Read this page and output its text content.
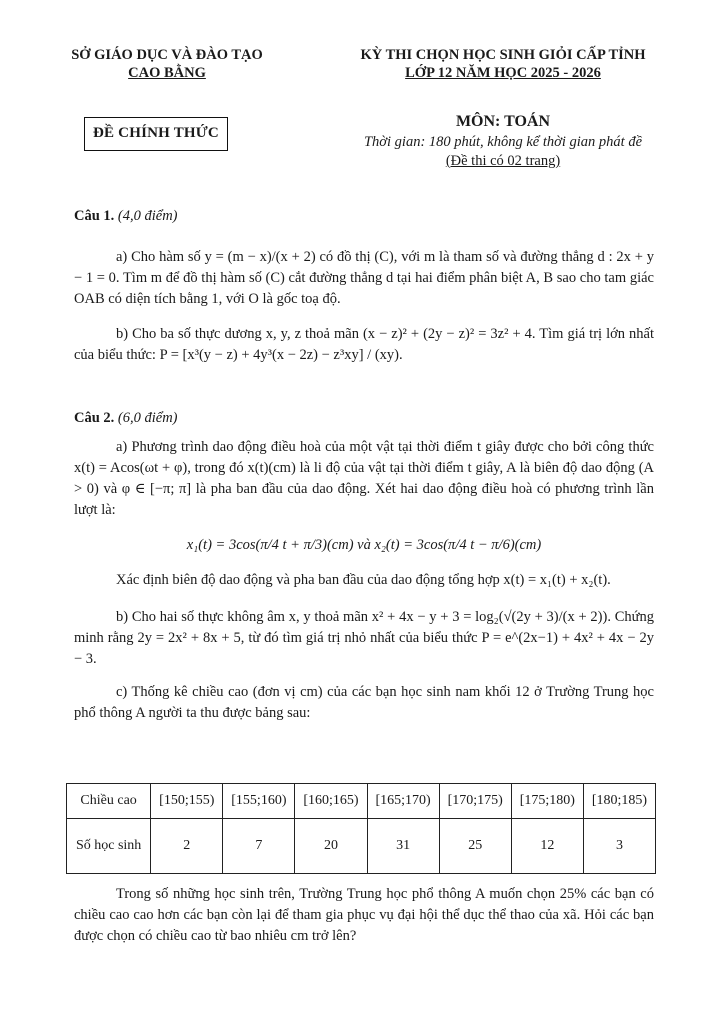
SỞ GIÁO DỤC VÀ ĐÀO TẠO
CAO BẰNG
KỲ THI CHỌN HỌC SINH GIỎI CẤP TỈNH
LỚP 12 NĂM HỌC 2025 - 2026
ĐỀ CHÍNH THỨC
MÔN: TOÁN
Thời gian: 180 phút, không kể thời gian phát đề
(Đề thi có 02 trang)

Câu 1. (4,0 điểm)

a) Cho hàm số y = (m − x)/(x + 2) có đồ thị (C), với m là tham số và đường thẳng d : 2x + y − 1 = 0. Tìm m để đồ thị hàm số (C) cắt đường thẳng d tại hai điểm phân biệt A, B sao cho tam giác OAB có diện tích bằng 1, với O là gốc toạ độ.

b) Cho ba số thực dương x, y, z thoả mãn (x − z)² + (2y − z)² = 3z² + 4. Tìm giá trị lớn nhất của biểu thức: P = [x³(y − z) + 4y³(x − 2z) − z³xy] / (xy).

Câu 2. (6,0 điểm)

a) Phương trình dao động điều hoà của một vật tại thời điểm t giây được cho bởi công thức x(t) = Acos(ωt + φ), trong đó x(t)(cm) là li độ của vật tại thời điểm t giây, A là biên độ dao động (A > 0) và φ ∈ [−π; π] là pha ban đầu của dao động. Xét hai dao động điều hoà có phương trình lần lượt là:

x₁(t) = 3cos(π/4 t + π/3)(cm) và x₂(t) = 3cos(π/4 t − π/6)(cm)

Xác định biên độ dao động và pha ban đầu của dao động tổng hợp x(t) = x₁(t) + x₂(t).

b) Cho hai số thực không âm x, y thoả mãn x² + 4x − y + 3 = log₂(√(2y + 3)/(x + 2)). Chứng minh rằng 2y = 2x² + 8x + 5, từ đó tìm giá trị nhỏ nhất của biểu thức P = e^(2x−1) + 4x² + 4x − 2y − 3.

c) Thống kê chiều cao (đơn vị cm) của các bạn học sinh nam khối 12 ở Trường Trung học phổ thông A người ta thu được bảng sau:

Chiều cao	[150;155)	[155;160)	[160;165)	[165;170)	[170;175)	[175;180)	[180;185)
Số học sinh	2	7	20	31	25	12	3

Trong số những học sinh trên, Trường Trung học phổ thông A muốn chọn 25% các bạn có chiều cao cao hơn các bạn còn lại để tham gia phục vụ đại hội thể dục thể thao của xã. Hỏi các bạn được chọn có chiều cao từ bao nhiêu cm trở lên?
